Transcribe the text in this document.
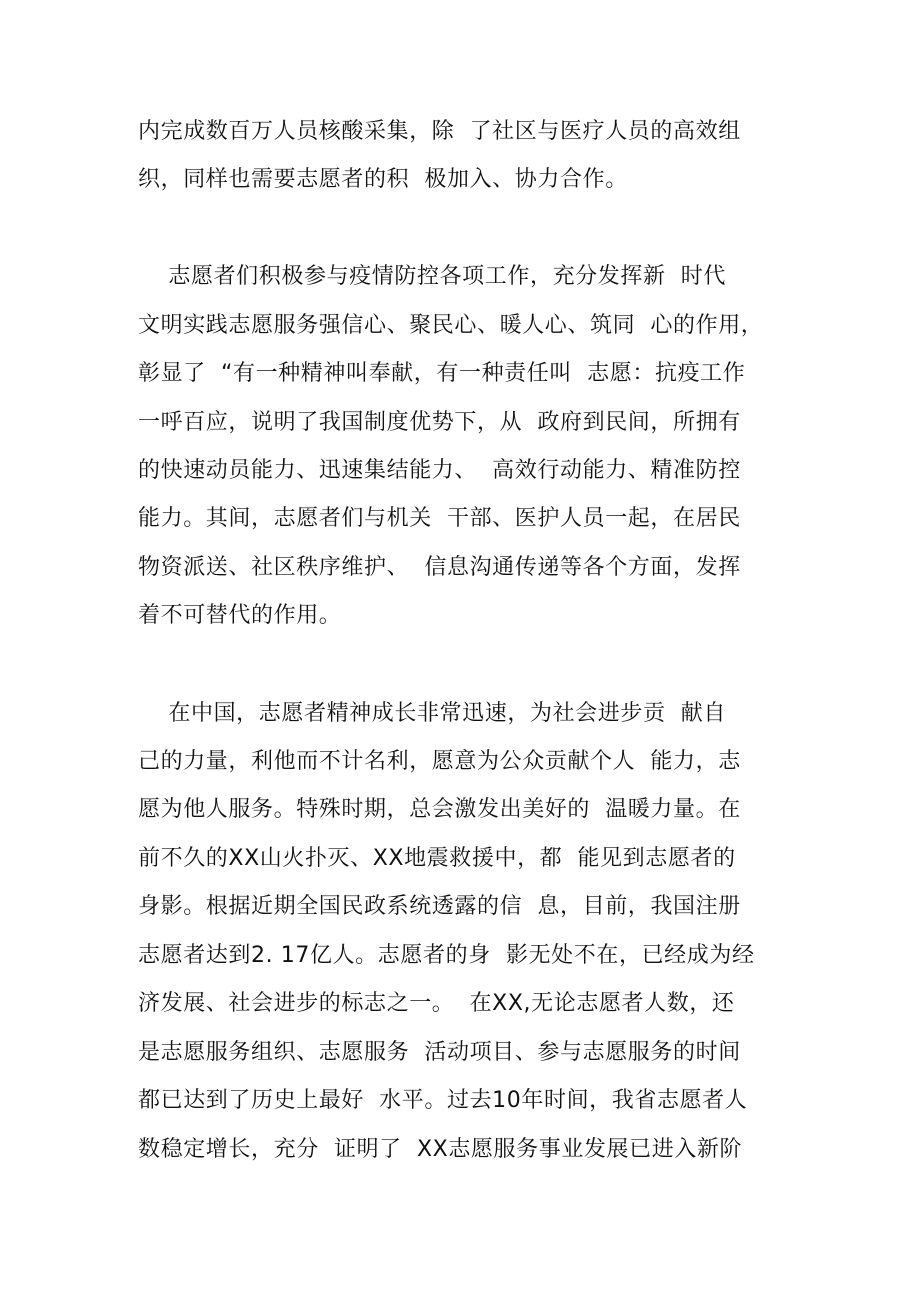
内完成数百万人员核酸采集，除  了社区与医疗人员的高效组
织，同样也需要志愿者的积  极加入、协力合作。
志愿者们积极参与疫情防控各项工作，充分发挥新  时代
文明实践志愿服务强信心、聚民心、暖人心、筑同  心的作用，
彰显了  “有一种精神叫奉献，有一种责任叫  志愿：抗疫工作
一呼百应，说明了我国制度优势下，从  政府到民间，所拥有
的快速动员能力、迅速集结能力、  高效行动能力、精准防控
能力。其间，志愿者们与机关  干部、医护人员一起，在居民
物资派送、社区秩序维护、  信息沟通传递等各个方面，发挥
着不可替代的作用。
在中国，志愿者精神成长非常迅速，为社会进步贡  献自
己的力量，利他而不计名利，愿意为公众贡献个人  能力，志
愿为他人服务。特殊时期，总会激发出美好的  温暖力量。在
前不久的XX山火扑灭、XX地震救援中，都  能见到志愿者的
身影。根据近期全国民政系统透露的信  息，目前，我国注册
志愿者达到2. 17亿人。志愿者的身  影无处不在，已经成为经
济发展、社会进步的标志之一。  在XX,无论志愿者人数，还
是志愿服务组织、志愿服务  活动项目、参与志愿服务的时间
都已达到了历史上最好  水平。过去10年时间，我省志愿者人
数稳定增长，充分  证明了  XX志愿服务事业发展已进入新阶
